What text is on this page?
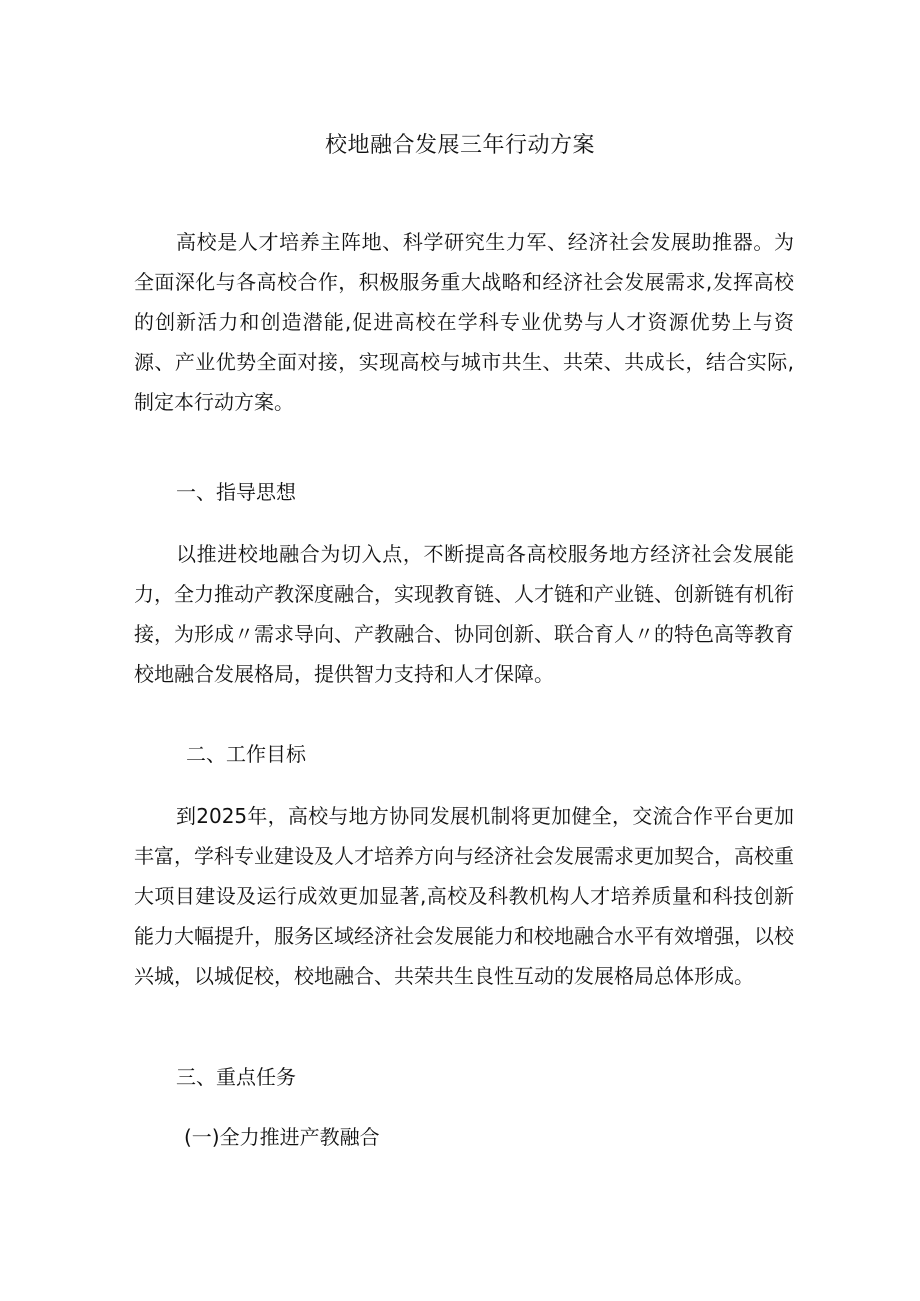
校地融合发展三年行动方案

高校是人才培养主阵地、科学研究生力军、经济社会发展助推器。为全面深化与各高校合作，积极服务重大战略和经济社会发展需求,发挥高校的创新活力和创造潜能,促进高校在学科专业优势与人才资源优势上与资源、产业优势全面对接，实现高校与城市共生、共荣、共成长，结合实际,制定本行动方案。

一、指导思想

以推进校地融合为切入点，不断提高各高校服务地方经济社会发展能力，全力推动产教深度融合，实现教育链、人才链和产业链、创新链有机衔接，为形成〃需求导向、产教融合、协同创新、联合育人〃的特色高等教育校地融合发展格局，提供智力支持和人才保障。

二、工作目标

到2025年，高校与地方协同发展机制将更加健全，交流合作平台更加丰富，学科专业建设及人才培养方向与经济社会发展需求更加契合，高校重大项目建设及运行成效更加显著,高校及科教机构人才培养质量和科技创新能力大幅提升，服务区域经济社会发展能力和校地融合水平有效增强，以校兴城，以城促校，校地融合、共荣共生良性互动的发展格局总体形成。

三、重点任务
(一)全力推进产教融合
